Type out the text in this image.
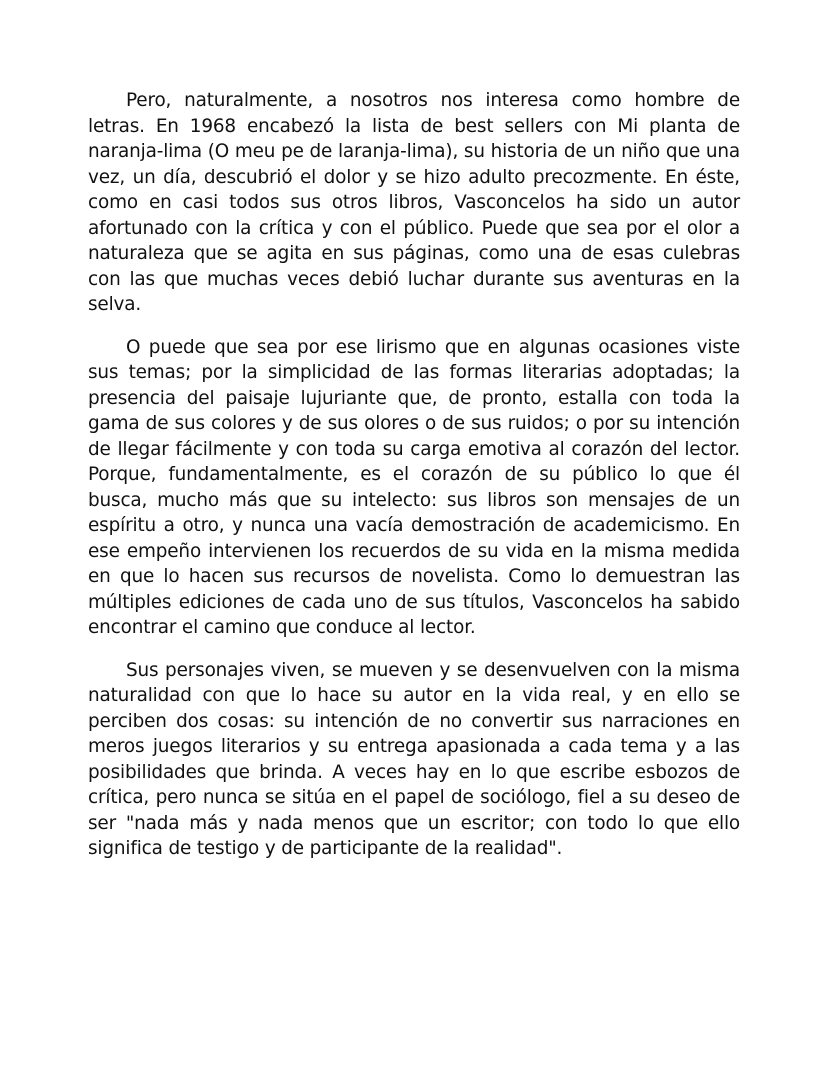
Pero, naturalmente, a nosotros nos interesa como hombre de letras. En 1968 encabezó la lista de best sellers con Mi planta de naranja-lima (O meu pe de laranja-lima), su historia de un niño que una vez, un día, descubrió el dolor y se hizo adulto precozmente. En éste, como en casi todos sus otros libros, Vasconcelos ha sido un autor afortunado con la crítica y con el público. Puede que sea por el olor a naturaleza que se agita en sus páginas, como una de esas culebras con las que muchas veces debió luchar durante sus aventuras en la selva.

O puede que sea por ese lirismo que en algunas ocasiones viste sus temas; por la simplicidad de las formas literarias adoptadas; la presencia del paisaje lujuriante que, de pronto, estalla con toda la gama de sus colores y de sus olores o de sus ruidos; o por su intención de llegar fácilmente y con toda su carga emotiva al corazón del lector. Porque, fundamentalmente, es el corazón de su público lo que él busca, mucho más que su intelecto: sus libros son mensajes de un espíritu a otro, y nunca una vacía demostración de academicismo. En ese empeño intervienen los recuerdos de su vida en la misma medida en que lo hacen sus recursos de novelista. Como lo demuestran las múltiples ediciones de cada uno de sus títulos, Vasconcelos ha sabido encontrar el camino que conduce al lector.

Sus personajes viven, se mueven y se desenvuelven con la misma naturalidad con que lo hace su autor en la vida real, y en ello se perciben dos cosas: su intención de no convertir sus narraciones en meros juegos literarios y su entrega apasionada a cada tema y a las posibilidades que brinda. A veces hay en lo que escribe esbozos de crítica, pero nunca se sitúa en el papel de sociólogo, fiel a su deseo de ser "nada más y nada menos que un escritor; con todo lo que ello significa de testigo y de participante de la realidad".
